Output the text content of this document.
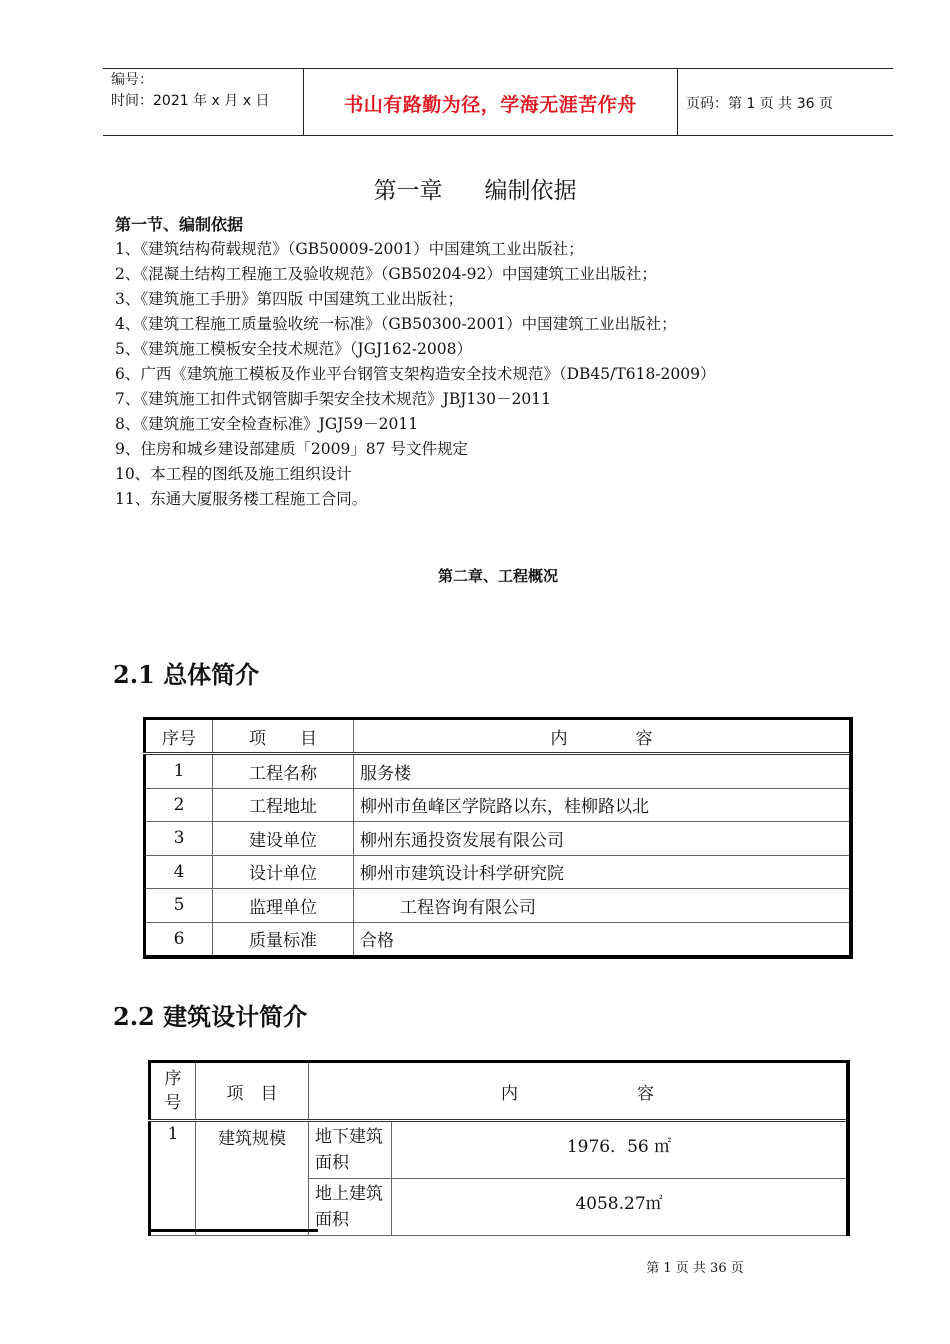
编号：
时间：2021 年 x 月 x 日	书山有路勤为径，学海无涯苦作舟	页码：第 1 页 共 36 页
第一章 编制依据
第一节、编制依据
1、《建筑结构荷载规范》（GB50009-2001）中国建筑工业出版社；
2、《混凝土结构工程施工及验收规范》（GB50204-92）中国建筑工业出版社；
3、《建筑施工手册》第四版 中国建筑工业出版社；
4、《建筑工程施工质量验收统一标准》（GB50300-2001）中国建筑工业出版社；
5、《建筑施工模板安全技术规范》（JGJ162-2008）
6、广西《建筑施工模板及作业平台钢管支架构造安全技术规范》（DB45/T618-2009）
7、《建筑施工扣件式钢管脚手架安全技术规范》JBJ130－2011
8、《建筑施工安全检查标准》JGJ59－2011
9、住房和城乡建设部建质「2009」87 号文件规定
10、本工程的图纸及施工组织设计
11、东通大厦服务楼工程施工合同。
第二章、工程概况
2.1 总体简介
序号	项　　目	内　　　　容
1	工程名称	服务楼
2	工程地址	柳州市鱼峰区学院路以东，桂柳路以北
3	建设单位	柳州东通投资发展有限公司
4	设计单位	柳州市建筑设计科学研究院
5	监理单位	工程咨询有限公司
6	质量标准	合格
2.2 建筑设计简介
序号	项　目	内　　　　　　　容	
1	建筑规模	地下建筑面积	1976．56 ㎡
		地上建筑面积	4058.27㎡
第 1 页 共 36 页
